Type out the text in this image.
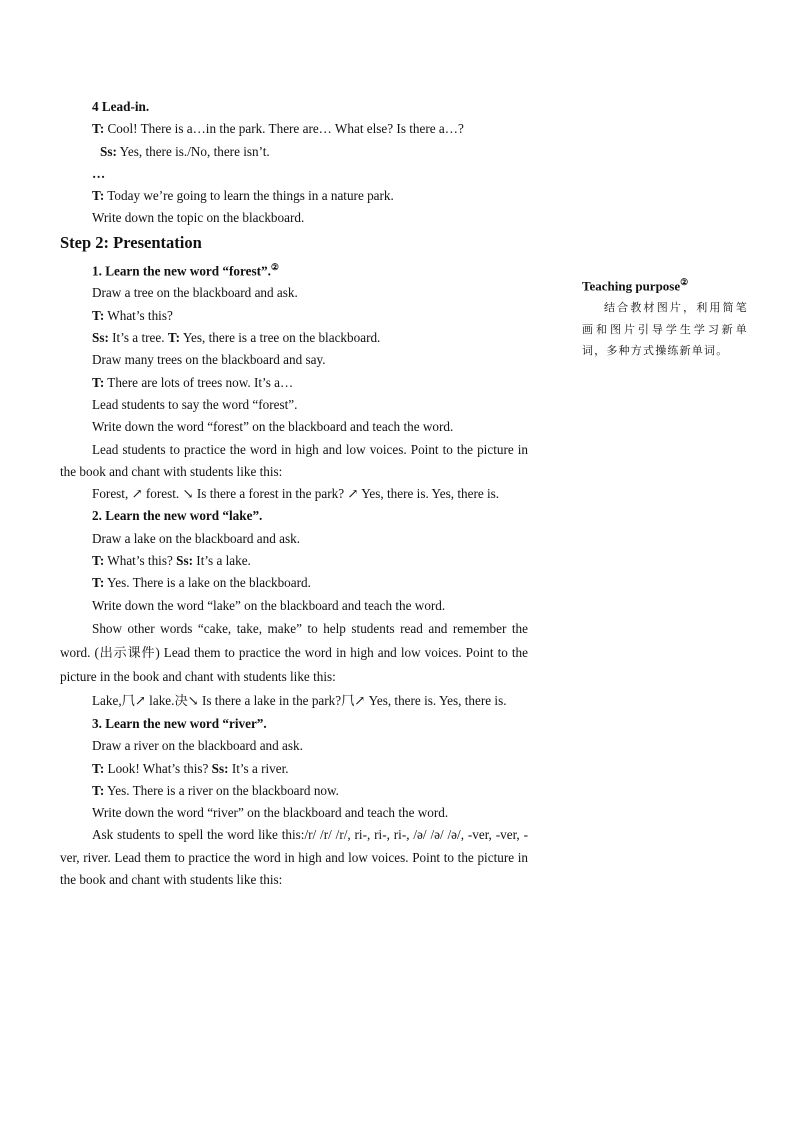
4 Lead-in.

T: Cool! There is a…in the park. There are… What else? Is there a…?

Ss: Yes, there is./No, there isn’t.

…

T: Today we’re going to learn the things in a nature park.

Write down the topic on the blackboard.

Step 2: Presentation

1. Learn the new word “forest”.②

Draw a tree on the blackboard and ask.

T: What’s this?

Ss: It’s a tree. T: Yes, there is a tree on the blackboard.

Draw many trees on the blackboard and say.

T: There are lots of trees now. It’s a…

Lead students to say the word “forest”.

Write down the word “forest” on the blackboard and teach the word.

Lead students to practice the word in high and low voices. Point to the picture in the book and chant with students like this:

Forest, ↗ forest. ↘ Is there a forest in the park? ↗ Yes, there is. Yes, there is.

2. Learn the new word “lake”.

Draw a lake on the blackboard and ask.

T: What’s this? Ss: It’s a lake.

T: Yes. There is a lake on the blackboard.

Write down the word “lake” on the blackboard and teach the word.

Show other words “cake, take, make” to help students read and remember the word. (出示课件) Lead them to practice the word in high and low voices. Point to the picture in the book and chant with students like this:

Lake,⺇↗ lake.决↘ Is there a lake in the park?⺇↗ Yes, there is. Yes, there is.

3. Learn the new word “river”.

Draw a river on the blackboard and ask.

T: Look! What’s this? Ss: It’s a river.

T: Yes. There is a river on the blackboard now.

Write down the word “river” on the blackboard and teach the word.

Ask students to spell the word like this:/r/ /r/ /r/, ri-, ri-, ri-, /ə/ /ə/ /ə/, -ver, -ver, -ver, river. Lead them to practice the word in high and low voices. Point to the picture in the book and chant with students like this:

Teaching purpose②

结合教材图片，利用简笔画和图片引导学生学习新单词，多种方式操练新单词。
